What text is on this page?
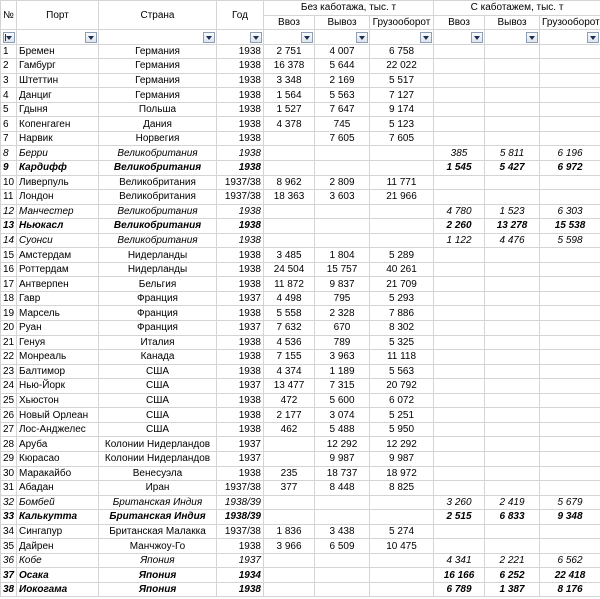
№	Порт	Страна	Год	Без каботажа, тыс. т			С каботажем, тыс. т		
				Ввоз	Вывоз	Грузооборот	Ввоз	Вывоз	Грузооборот

1	Бремен	Германия	1938	2 751	4 007	6 758			
2	Гамбург	Германия	1938	16 378	5 644	22 022			
3	Штеттин	Германия	1938	3 348	2 169	5 517			
4	Данциг	Германия	1938	1 564	5 563	7 127			
5	Гдыня	Польша	1938	1 527	7 647	9 174			
6	Копенгаген	Дания	1938	4 378	745	5 123			
7	Нарвик	Норвегия	1938		7 605	7 605			
8	Берри	Великобритания	1938				385	5 811	6 196
9	Кардифф	Великобритания	1938				1 545	5 427	6 972
10	Ливерпуль	Великобритания	1937/38	8 962	2 809	11 771			
11	Лондон	Великобритания	1937/38	18 363	3 603	21 966			
12	Манчестер	Великобритания	1938				4 780	1 523	6 303
13	Ньюкасл	Великобритания	1938				2 260	13 278	15 538
14	Суонси	Великобритания	1938				1 122	4 476	5 598
15	Амстердам	Нидерланды	1938	3 485	1 804	5 289			
16	Роттердам	Нидерланды	1938	24 504	15 757	40 261			
17	Антверпен	Бельгия	1938	11 872	9 837	21 709			
18	Гавр	Франция	1937	4 498	795	5 293			
19	Марсель	Франция	1938	5 558	2 328	7 886			
20	Руан	Франция	1937	7 632	670	8 302			
21	Генуя	Италия	1938	4 536	789	5 325			
22	Монреаль	Канада	1938	7 155	3 963	11 118			
23	Балтимор	США	1938	4 374	1 189	5 563			
24	Нью-Йорк	США	1937	13 477	7 315	20 792			
25	Хьюстон	США	1938	472	5 600	6 072			
26	Новый Орлеан	США	1938	2 177	3 074	5 251			
27	Лос-Анджелес	США	1938	462	5 488	5 950			
28	Аруба	Колонии Нидерландов	1937		12 292	12 292			
29	Кюрасао	Колонии Нидерландов	1937		9 987	9 987			
30	Маракайбо	Венесуэла	1938	235	18 737	18 972			
31	Абадан	Иран	1937/38	377	8 448	8 825			
32	Бомбей	Британская Индия	1938/39				3 260	2 419	5 679
33	Калькутта	Британская Индия	1938/39				2 515	6 833	9 348
34	Сингапур	Британская Малакка	1937/38	1 836	3 438	5 274			
35	Дайрен	Манчжоу-Го	1938	3 966	6 509	10 475			
36	Кобе	Япония	1937				4 341	2 221	6 562
37	Осака	Япония	1934				16 166	6 252	22 418
38	Иокогама	Япония	1938				6 789	1 387	8 176
